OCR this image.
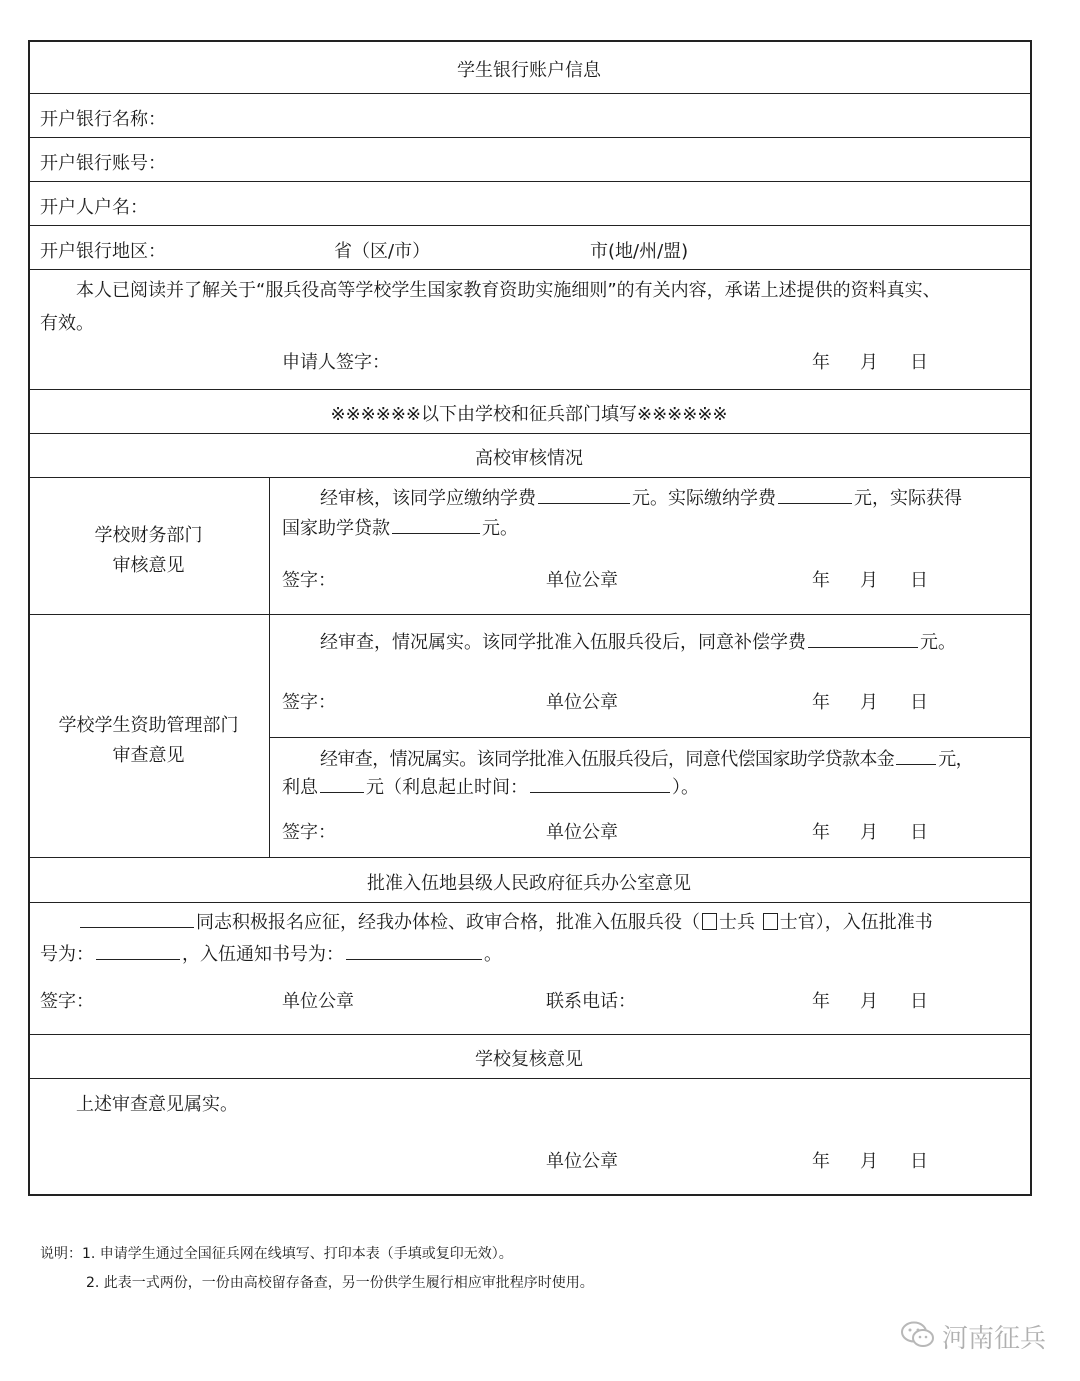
学生银行账户信息
开户银行名称：
开户银行账号：
开户人户名：
开户银行地区：	省（区/市）	市(地/州/盟)
本人已阅读并了解关于“服兵役高等学校学生国家教育资助实施细则”的有关内容，承诺上述提供的资料真实、
有效。
申请人签字：	年 月 日
※※※※※※以下由学校和征兵部门填写※※※※※※
高校审核情况
学校财务部门
审核意见
经审核，该同学应缴纳学费	元。实际缴纳学费	元，实际获得
国家助学贷款	元。
签字：	单位公章	年 月 日
学校学生资助管理部门
审查意见
经审查，情况属实。该同学批准入伍服兵役后，同意补偿学费	元。
签字：	单位公章	年 月 日
经审查，情况属实。该同学批准入伍服兵役后，同意代偿国家助学贷款本金 元，
利息	元（利息起止时间：	）。
签字：	单位公章	年 月 日
批准入伍地县级人民政府征兵办公室意见
同志积极报名应征，经我办体检、政审合格，批准入伍服兵役（ 士兵 士官），入伍批准书
号为：	，入伍通知书号为：	。
签字：	单位公章	联系电话：	年 月 日
学校复核意见
上述审查意见属实。
单位公章	年 月 日
说明：1. 申请学生通过全国征兵网在线填写、打印本表（手填或复印无效）。
2. 此表一式两份，一份由高校留存备查，另一份供学生履行相应审批程序时使用。
河南征兵
